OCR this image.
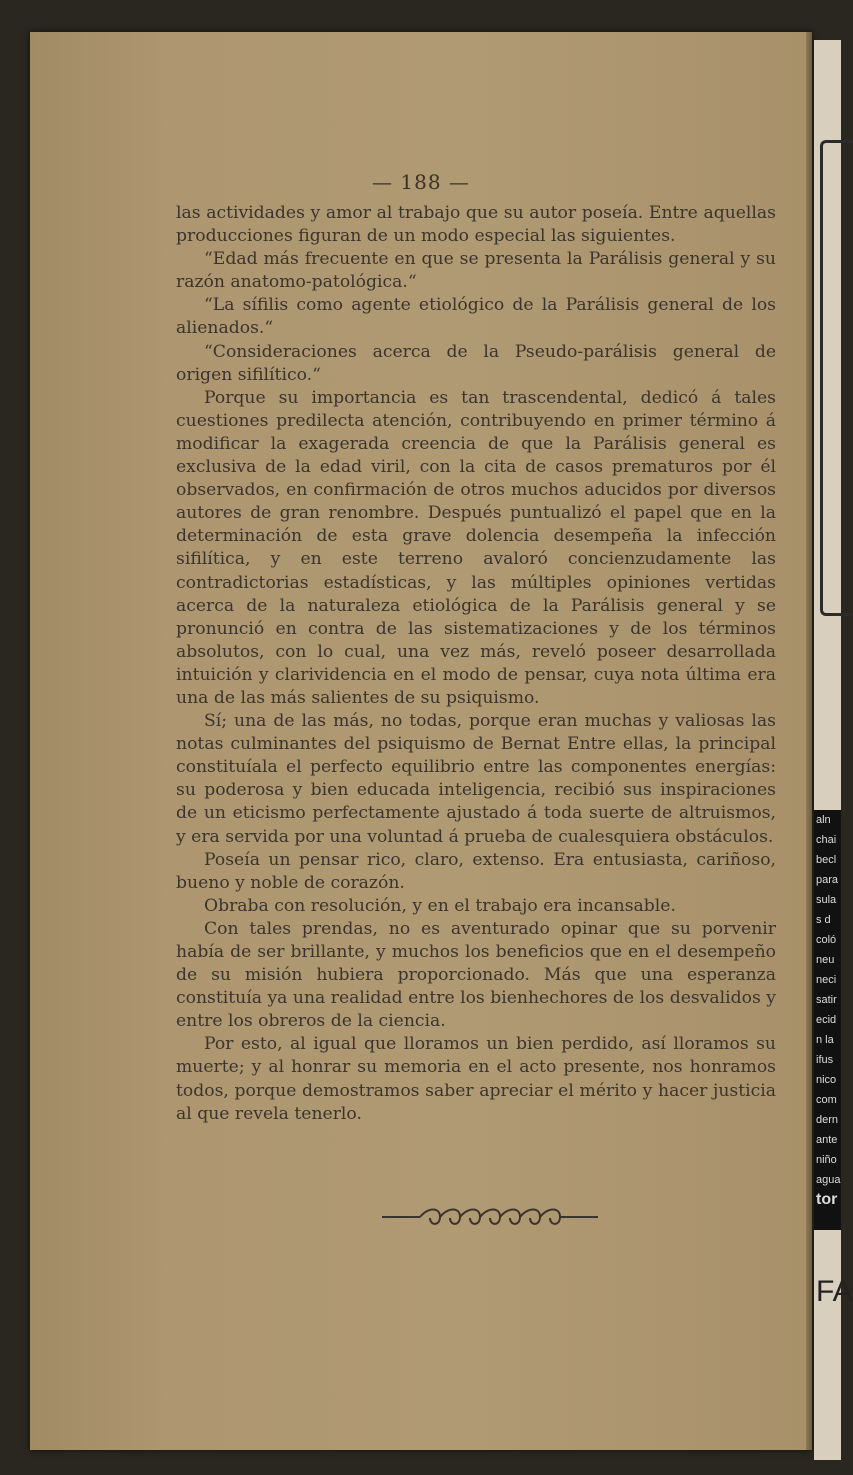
— 188 —

las actividades y amor al trabajo que su autor poseía. Entre aquellas producciones figuran de un modo especial las siguientes.

“Edad más frecuente en que se presenta la Parálisis general y su razón anatomo-patológica.“

“La sífilis como agente etiológico de la Parálisis general de los alienados.“

“Consideraciones acerca de la Pseudo-parálisis general de origen sifilítico.“

Porque su importancia es tan trascendental, dedicó á tales cuestiones predilecta atención, contribuyendo en primer término á modificar la exagerada creencia de que la Parálisis general es exclusiva de la edad viril, con la cita de casos prematuros por él observados, en confirmación de otros muchos aducidos por diversos autores de gran renombre. Después puntualizó el papel que en la determinación de esta grave dolencia desempeña la infección sifilítica, y en este terreno avaloró concienzudamente las contradictorias estadísticas, y las múltiples opiniones vertidas acerca de la naturaleza etiológica de la Parálisis general y se pronunció en contra de las sistematizaciones y de los términos absolutos, con lo cual, una vez más, reveló poseer desarrollada intuición y clarividencia en el modo de pensar, cuya nota última era una de las más salientes de su psiquismo.

Sí; una de las más, no todas, porque eran muchas y valiosas las notas culminantes del psiquismo de Bernat Entre ellas, la principal constituíala el perfecto equilibrio entre las componentes energías: su poderosa y bien educada inteligencia, recibió sus inspiraciones de un eticismo perfectamente ajustado á toda suerte de altruismos, y era servida por una voluntad á prueba de cualesquiera obstáculos.

Poseía un pensar rico, claro, extenso. Era entusiasta, cariñoso, bueno y noble de corazón.

Obraba con resolución, y en el trabajo era incansable.

Con tales prendas, no es aventurado opinar que su porvenir había de ser brillante, y muchos los beneficios que en el desempeño de su misión hubiera proporcionado. Más que una esperanza constituía ya una realidad entre los bienhechores de los desvalidos y entre los obreros de la ciencia.

Por esto, al igual que lloramos un bien perdido, así lloramos su muerte; y al honrar su memoria en el acto presente, nos honramos todos, porque demostramos saber apreciar el mérito y hacer justicia al que revela tenerlo.

aln
chai
becl
para
sula
s d
coló
neu
neci
satir
ecid
n la
ifus
nico
com
dern
ante
niño
agua
tor
FA
